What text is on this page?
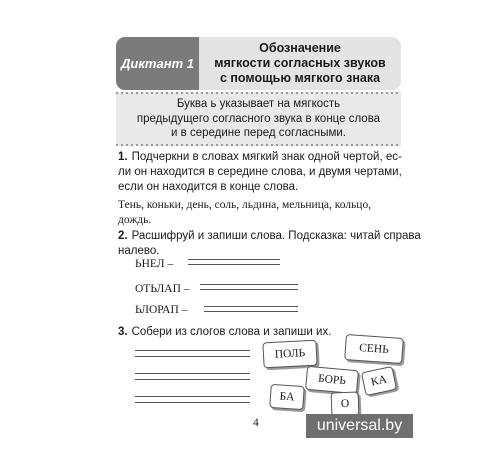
Диктант 1
Обозначение
мягкости согласных звуков
с помощью мягкого знака
Буква ь указывает на мягкость
предыдущего согласного звука в конце слова
и в середине перед согласными.
1. Подчеркни в словах мягкий знак одной чертой, ес-
ли он находится в середине слова, и двумя чертами,
если он находится в конце слова.
Тень, коньки, день, соль, льдина, мельница, кольцо,
дождь.
2. Расшифруй и запиши слова. Подсказка: читай справа
налево.
ЬНЕЛ –
ОТЬЛАП –
ЬЛОРАП –
3. Собери из слогов слова и запиши их.
ПОЛЬ	СЕНЬ
БОРЬ	КА
БА
О
4	universal.by
